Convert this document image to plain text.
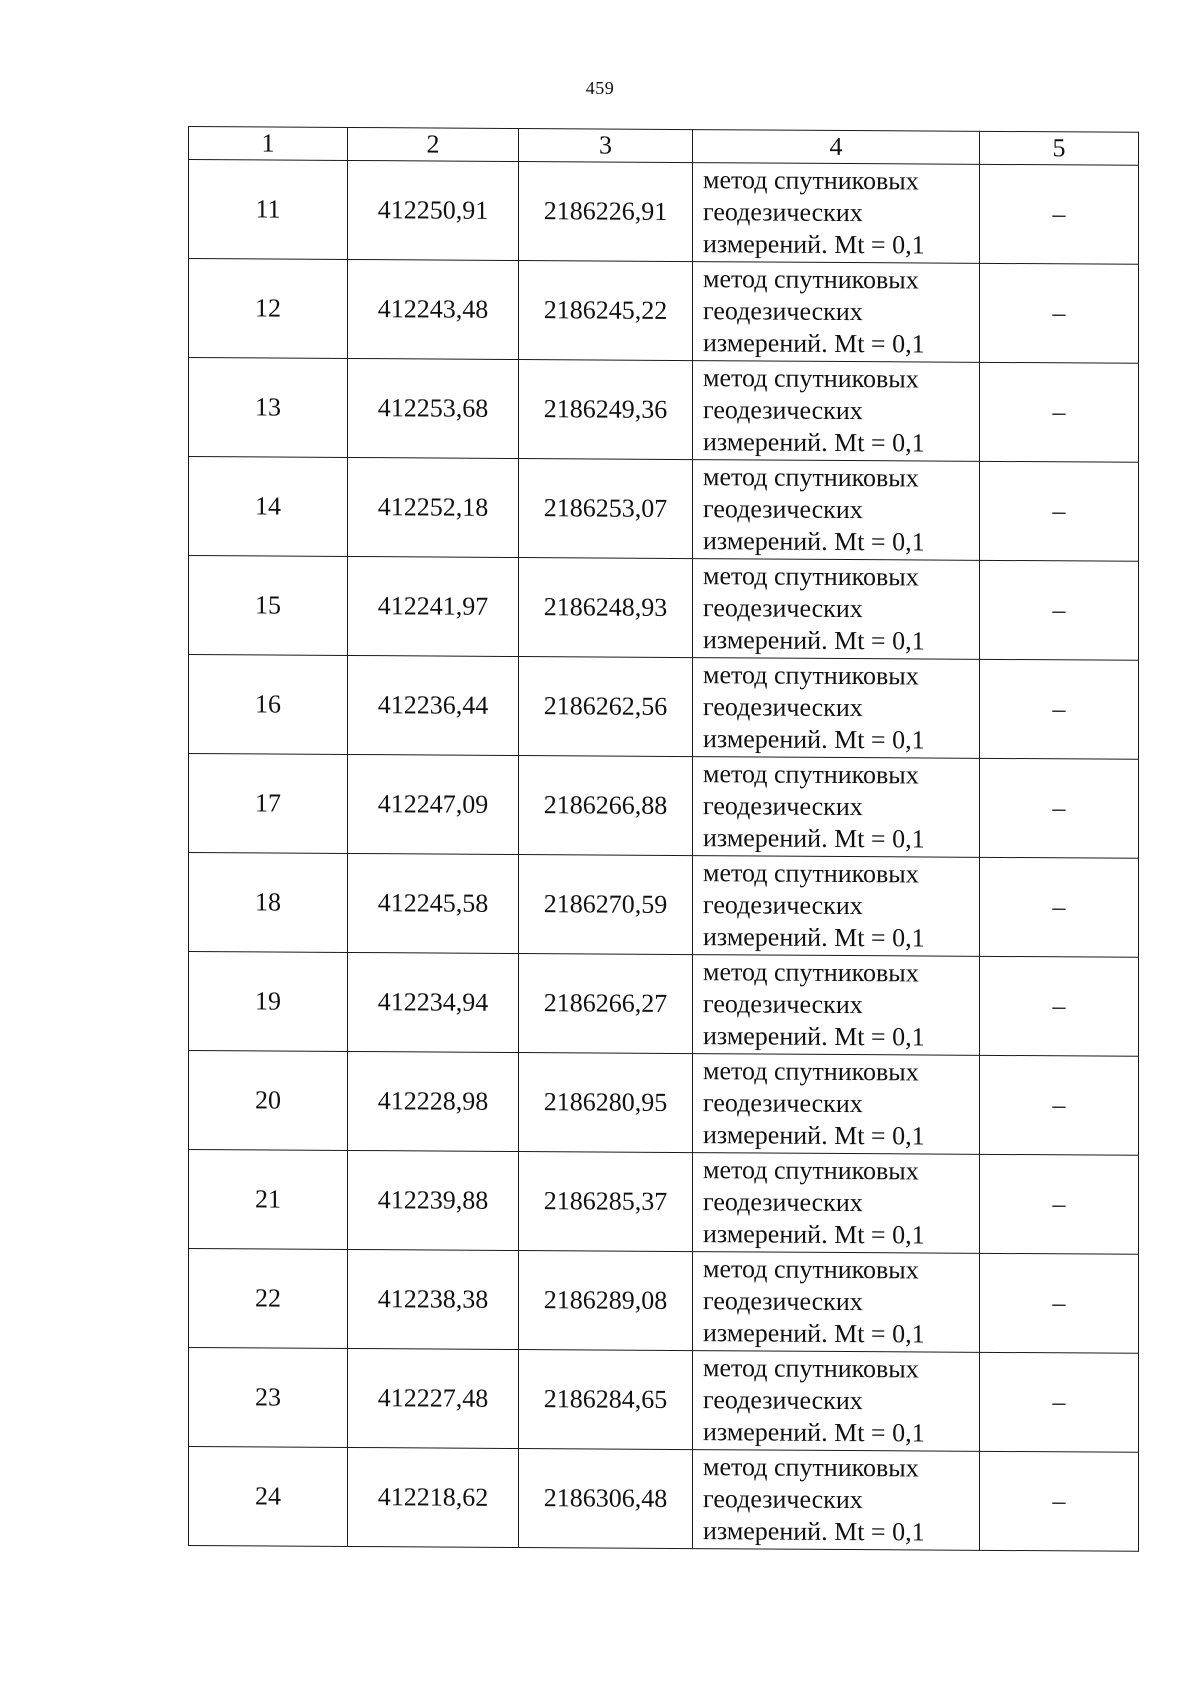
459
1	2	3	4	5
11	412250,91	2186226,91	метод спутниковых
геодезических
измерений. Mt = 0,1	–
12	412243,48	2186245,22	метод спутниковых
геодезических
измерений. Mt = 0,1	–
13	412253,68	2186249,36	метод спутниковых
геодезических
измерений. Mt = 0,1	–
14	412252,18	2186253,07	метод спутниковых
геодезических
измерений. Mt = 0,1	–
15	412241,97	2186248,93	метод спутниковых
геодезических
измерений. Mt = 0,1	–
16	412236,44	2186262,56	метод спутниковых
геодезических
измерений. Mt = 0,1	–
17	412247,09	2186266,88	метод спутниковых
геодезических
измерений. Mt = 0,1	–
18	412245,58	2186270,59	метод спутниковых
геодезических
измерений. Mt = 0,1	–
19	412234,94	2186266,27	метод спутниковых
геодезических
измерений. Mt = 0,1	–
20	412228,98	2186280,95	метод спутниковых
геодезических
измерений. Mt = 0,1	–
21	412239,88	2186285,37	метод спутниковых
геодезических
измерений. Mt = 0,1	–
22	412238,38	2186289,08	метод спутниковых
геодезических
измерений. Mt = 0,1	–
23	412227,48	2186284,65	метод спутниковых
геодезических
измерений. Mt = 0,1	–
24	412218,62	2186306,48	метод спутниковых
геодезических
измерений. Mt = 0,1	–
